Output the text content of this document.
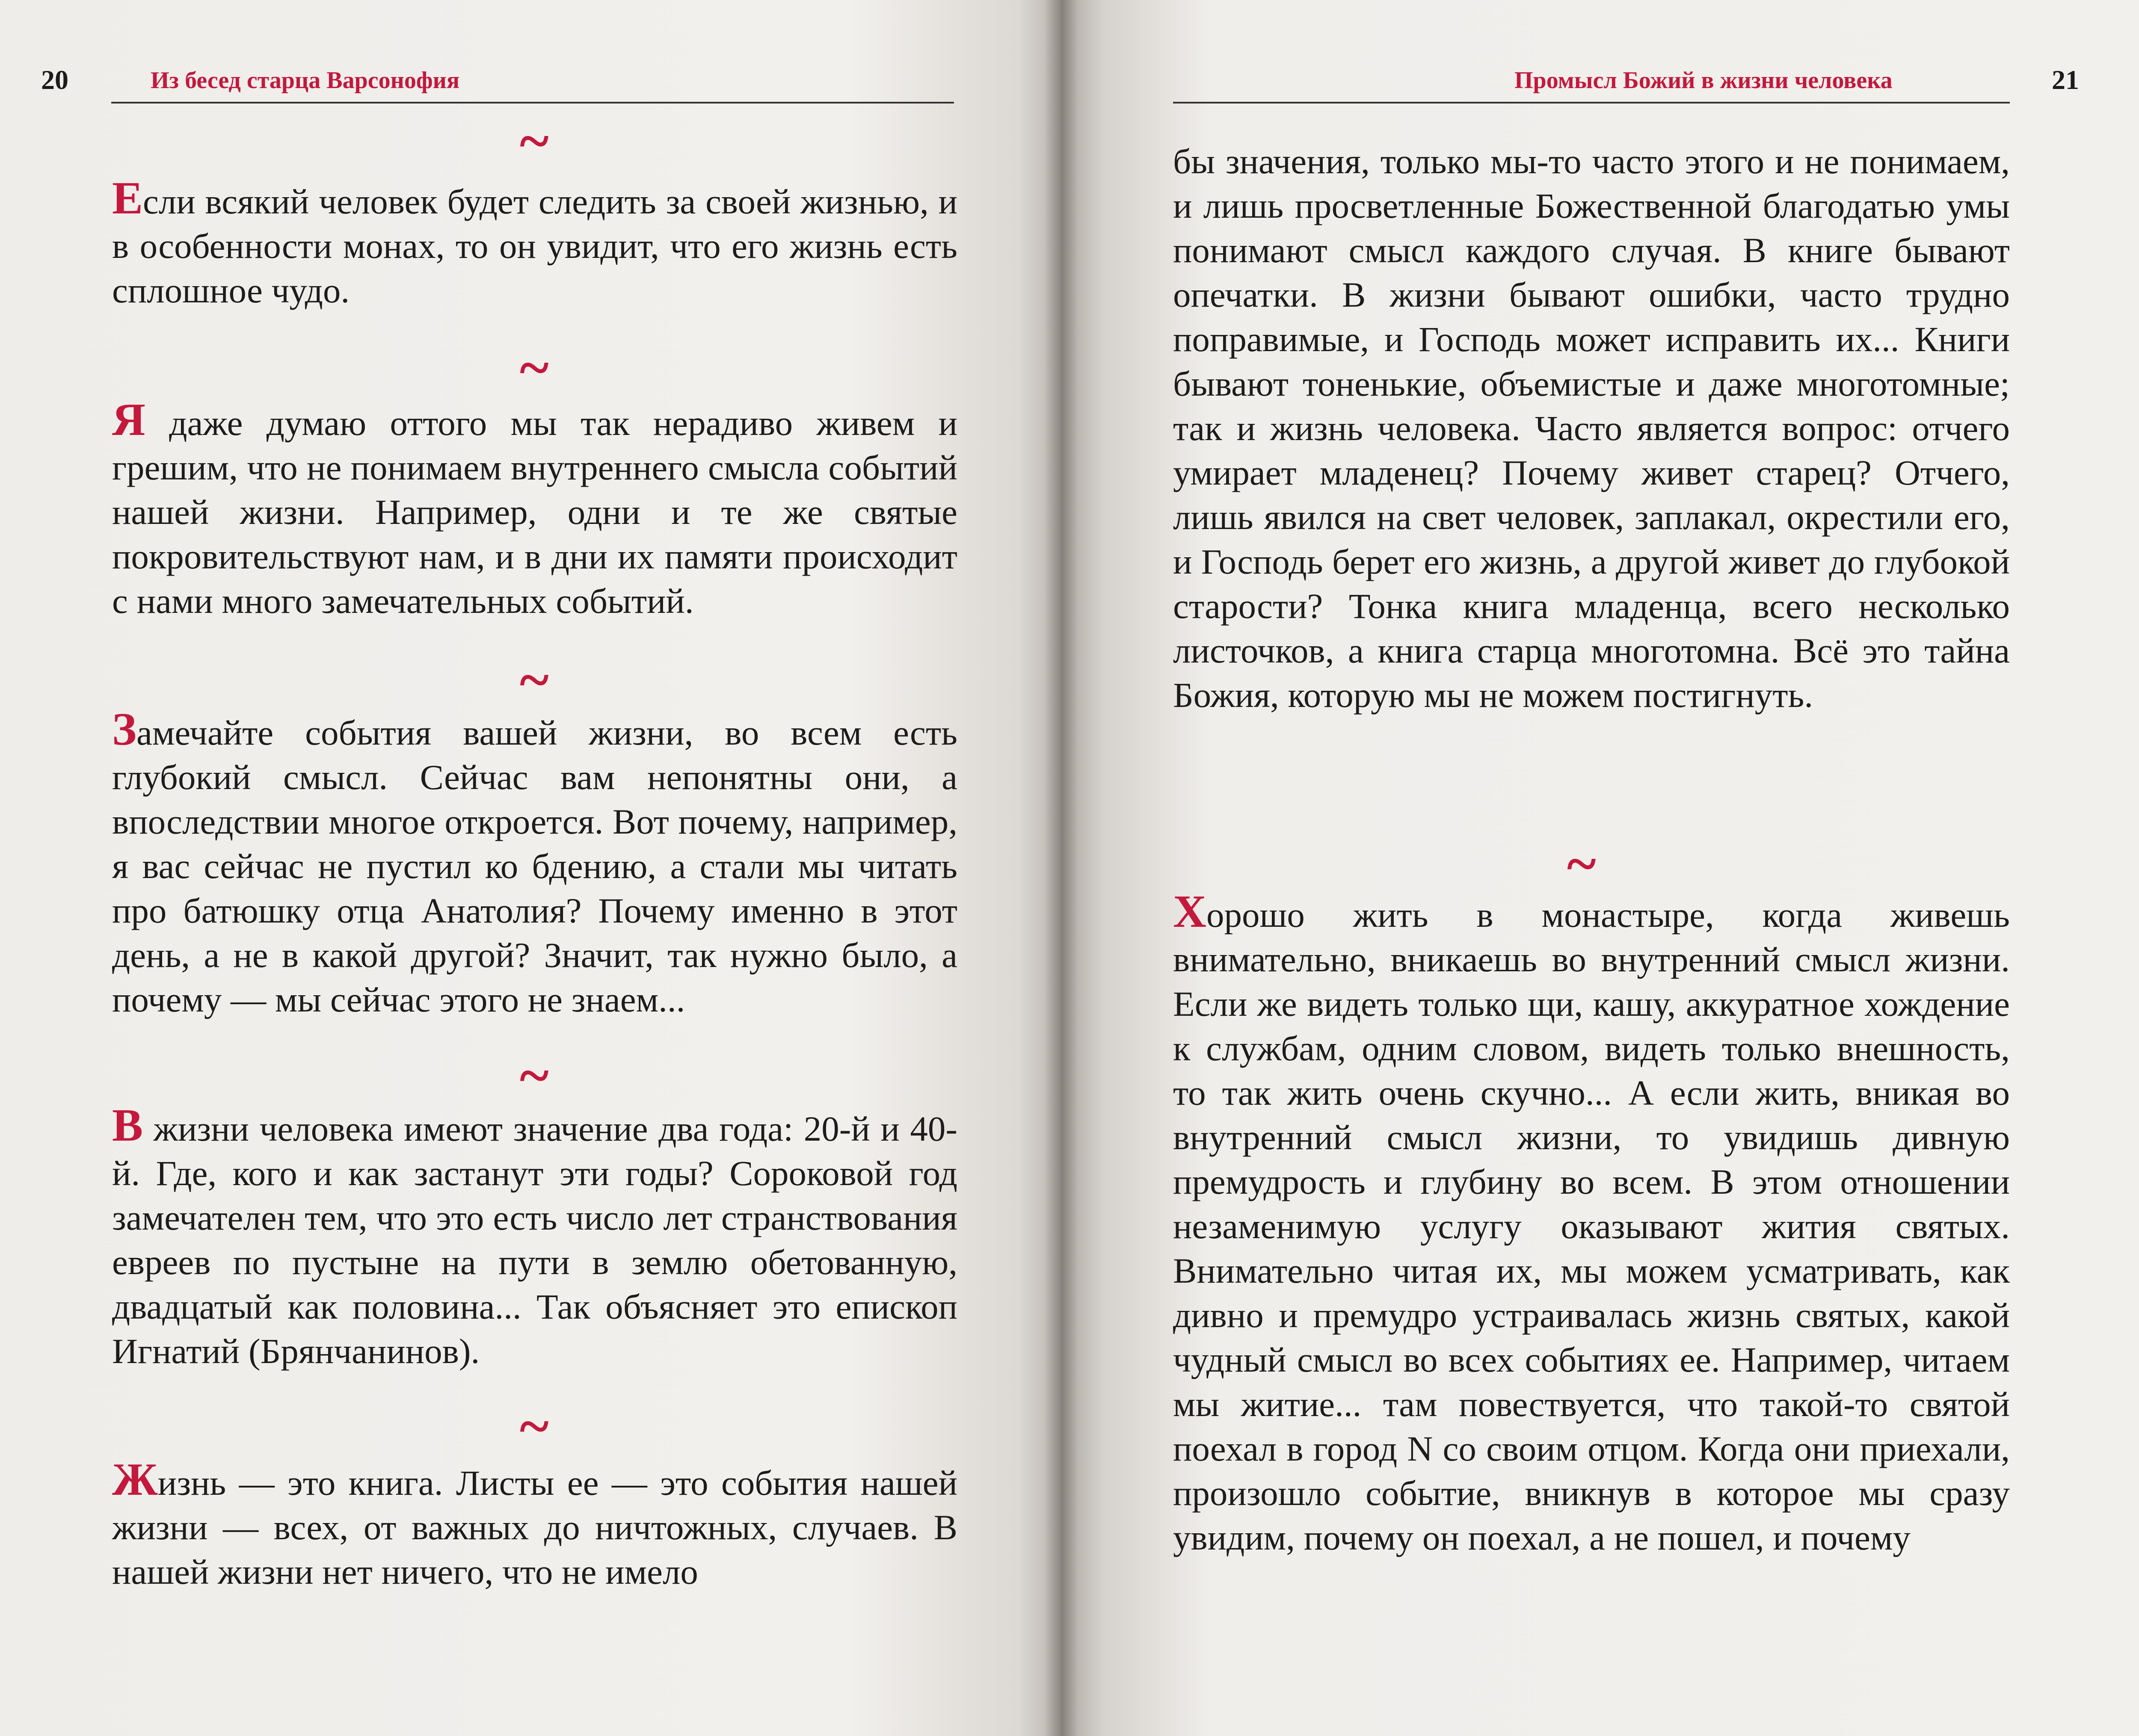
20	Из бесед старца Варсонофия
~

Если всякий человек будет следить за своей жизнью, и в особенности монах, то он увидит, что его жизнь есть сплошное чудо.

~

Я даже думаю оттого мы так нерадиво живем и грешим, что не понимаем внутреннего смысла событий нашей жизни. Например, одни и те же святые покровительствуют нам, и в дни их памяти происходит с нами много замечательных событий.

~

Замечайте события вашей жизни, во всем есть глубокий смысл. Сейчас вам непонятны они, а впоследствии многое откроется. Вот почему, например, я вас сейчас не пустил ко бдению, а стали мы читать про батюшку отца Анатолия? Почему именно в этот день, а не в какой другой? Значит, так нужно было, а почему — мы сейчас этого не знаем...

~

В жизни человека имеют значение два года: 20-й и 40-й. Где, кого и как застанут эти годы? Сороковой год замечателен тем, что это есть число лет странствования евреев по пустыне на пути в землю обетованную, двадцатый как половина... Так объясняет это епископ Игнатий (Брянчанинов).

~

Жизнь — это книга. Листы ее — это события нашей жизни — всех, от важных до ничтожных, случаев. В нашей жизни нет ничего, что не имело

Промысл Божий в жизни человека	21

бы значения, только мы-то часто этого и не понимаем, и лишь просветленные Божественной благодатью умы понимают смысл каждого случая. В книге бывают опечатки. В жизни бывают ошибки, часто трудно поправимые, и Господь может исправить их... Книги бывают тоненькие, объемистые и даже многотомные; так и жизнь человека. Часто является вопрос: отчего умирает младенец? Почему живет старец? Отчего, лишь явился на свет человек, заплакал, окрестили его, и Господь берет его жизнь, а другой живет до глубокой старости? Тонка книга младенца, всего несколько листочков, а книга старца многотомна. Всё это тайна Божия, которую мы не можем постигнуть.

~

Хорошо жить в монастыре, когда живешь внимательно, вникаешь во внутренний смысл жизни. Если же видеть только щи, кашу, аккуратное хождение к службам, одним словом, видеть только внешность, то так жить очень скучно... А если жить, вникая во внутренний смысл жизни, то увидишь дивную премудрость и глубину во всем. В этом отношении незаменимую услугу оказывают жития святых. Внимательно читая их, мы можем усматривать, как дивно и премудро устраивалась жизнь святых, какой чудный смысл во всех событиях ее. Например, читаем мы житие... там повествуется, что такой-то святой поехал в город N со своим отцом. Когда они приехали, произошло событие, вникнув в которое мы сразу увидим, почему он поехал, а не пошел, и почему
